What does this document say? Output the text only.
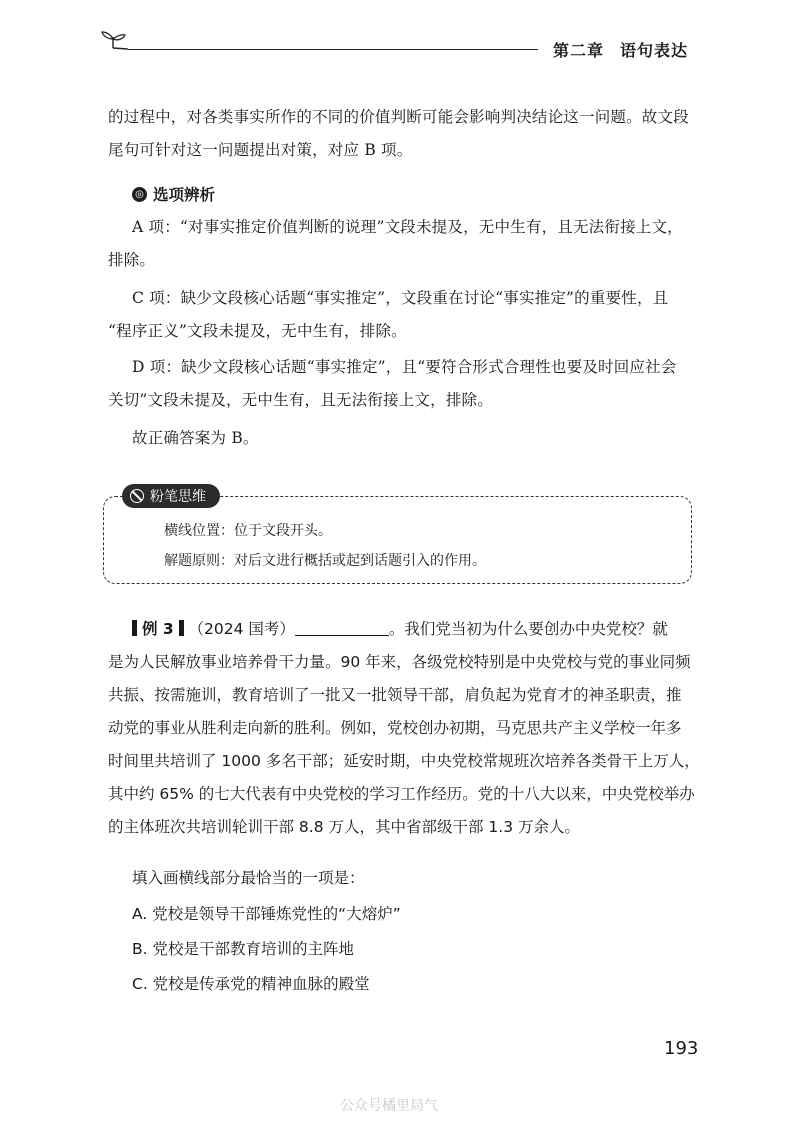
第二章 语句表达
的过程中，对各类事实所作的不同的价值判断可能会影响判决结论这一问题。故文段
尾句可针对这一问题提出对策，对应 B 项。
◎ 选项辨析
A 项：“对事实推定价值判断的说理”文段未提及，无中生有，且无法衔接上文，
排除。
C 项：缺少文段核心话题“事实推定”，文段重在讨论“事实推定”的重要性，且
“程序正义”文段未提及，无中生有，排除。
D 项：缺少文段核心话题“事实推定”，且“要符合形式合理性也要及时回应社会
关切”文段未提及，无中生有，且无法衔接上文，排除。
故正确答案为 B。
粉笔思维
横线位置：位于文段开头。
解题原则：对后文进行概括或起到话题引入的作用。
例 3 （2024 国考）	。我们党当初为什么要创办中央党校？就
是为人民解放事业培养骨干力量。90 年来，各级党校特别是中央党校与党的事业同频
共振、按需施训，教育培训了一批又一批领导干部，肩负起为党育才的神圣职责，推
动党的事业从胜利走向新的胜利。例如，党校创办初期，马克思共产主义学校一年多
时间里共培训了 1000 多名干部；延安时期，中央党校常规班次培养各类骨干上万人，
其中约 65% 的七大代表有中央党校的学习工作经历。党的十八大以来，中央党校举办
的主体班次共培训轮训干部 8.8 万人，其中省部级干部 1.3 万余人。
填入画横线部分最恰当的一项是：
A. 党校是领导干部锤炼党性的“大熔炉”
B. 党校是干部教育培训的主阵地
C. 党校是传承党的精神血脉的殿堂
193
公众号橘里局气
